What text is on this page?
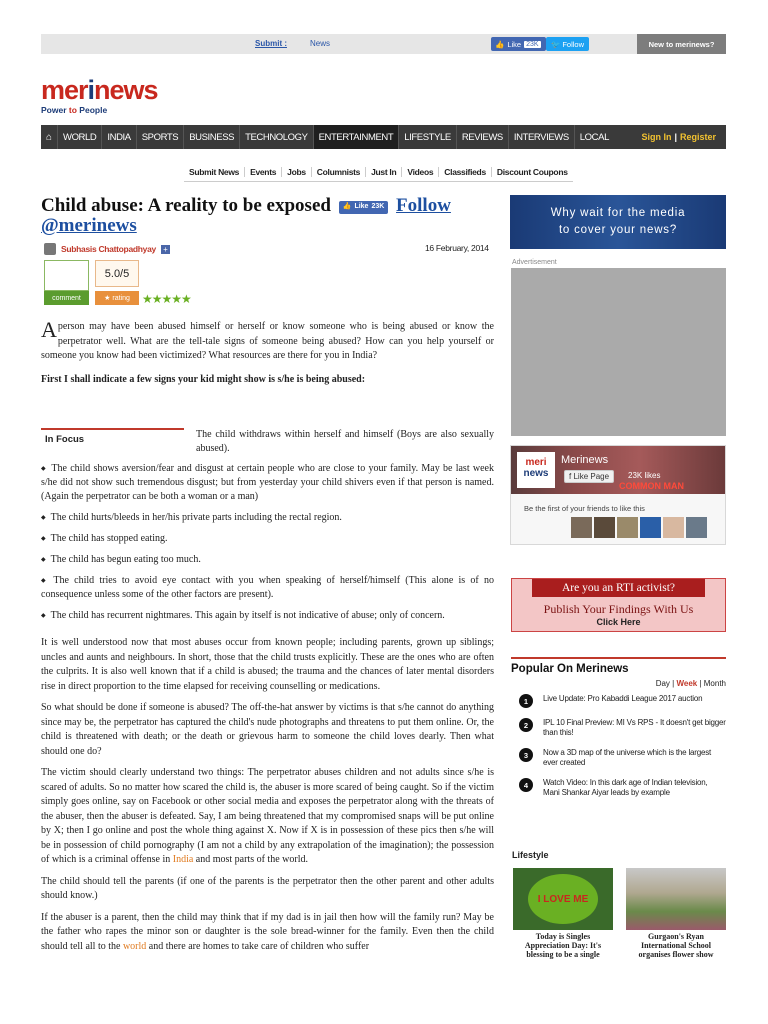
Submit :	News	👍 Like 23K 🐦 Follow	New to merinews?
merinews
Power to People
⌂	WORLD	INDIA	SPORTS	BUSINESS	TECHNOLOGY	ENTERTAINMENT	LIFESTYLE	REVIEWS	INTERVIEWS	LOCAL	Sign In | Register
Submit News	Events	Jobs	Columnists	Just In	Videos	Classifieds	Discount Coupons
Child abuse: A reality to be exposed 👍 Like 23K Follow @merinews
Subhasis Chattopadhyay +	16 February, 2014
comment
5.0/5
★ rating ★★★★★

Aperson may have been abused himself or herself or know someone who is being abused or know the perpetrator well. What are the tell-tale signs of someone being abused? How can you help yourself or someone you know had been victimized? What resources are there for you in India?

First I shall indicate a few signs your kid might show is s/he is being abused:

In Focus	The child withdraws within herself and himself (Boys are also sexually abused).
◆ The child shows aversion/fear and disgust at certain people who are close to your family. May be last week s/he did not show such tremendous disgust; but from yesterday your child shivers even if that person is named. (Again the perpetrator can be both a woman or a man)
◆ The child hurts/bleeds in her/his private parts including the rectal region.
◆ The child has stopped eating.
◆ The child has begun eating too much.
◆ The child tries to avoid eye contact with you when speaking of herself/himself (This alone is of no consequence unless some of the other factors are present).
◆ The child has recurrent nightmares. This again by itself is not indicative of abuse; only of concern.

It is well understood now that most abuses occur from known people; including parents, grown up siblings; uncles and aunts and neighbours. In short, those that the child trusts explicitly. These are the ones who are often the culprits. It is also well known that if a child is abused; the trauma and the chances of later mental disorders rise in direct proportion to the time elapsed for receiving counselling or medications.

So what should be done if someone is abused? The off-the-hat answer by victims is that s/he cannot do anything since may be, the perpetrator has captured the child's nude photographs and threatens to put them online. Or, the child is threatened with death; or the death or grievous harm to someone the child loves dearly. Then what should one do?

The victim should clearly understand two things: The perpetrator abuses children and not adults since s/he is scared of adults. So no matter how scared the child is, the abuser is more scared of being caught. So if the victim simply goes online, say on Facebook or other social media and exposes the perpetrator along with the threats of the abuser, then the abuser is defeated. Say, I am being threatened that my compromised snaps will be put online by X; then I go online and post the whole thing against X. Now if X is in possession of these pics then s/he will be in possession of child pornography (I am not a child by any extrapolation of the imagination); the possession of which is a criminal offense in India and most parts of the world.

The child should tell the parents (if one of the parents is the perpetrator then the other parent and other adults should know.)

If the abuser is a parent, then the child may think that if my dad is in jail then how will the family run? May be the father who rapes the minor son or daughter is the sole bread-winner for the family. Even then the child should tell all to the world and there are homes to take care of children who suffer

Why wait for the media
to cover your news?
Advertisement
meri
news
Merinews
f Like Page	23K likes
COMMON MAN
Be the first of your friends to like this
Are you an RTI activist?
Publish Your Findings With Us
Click Here
Popular On Merinews
Day | Week | Month
1	Live Update: Pro Kabaddi League 2017 auction
2	IPL 10 Final Preview: MI Vs RPS - It doesn't get bigger than this!
3	Now a 3D map of the universe which is the largest ever created
4	Watch Video: In this dark age of Indian television, Mani Shankar Aiyar leads by example
Lifestyle
I LOVE ME
Today is Singles Appreciation Day: It's blessing to be a single
Gurgaon's Ryan International School organises flower show
